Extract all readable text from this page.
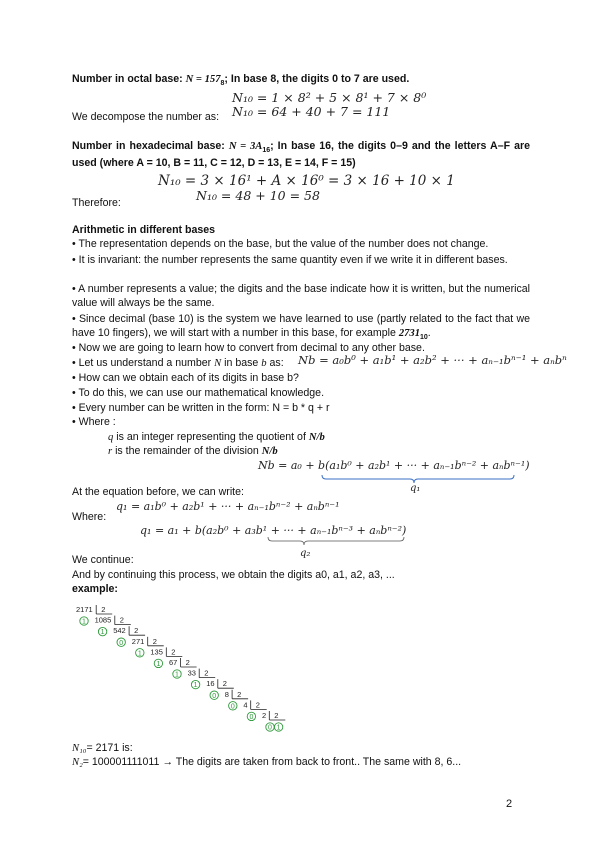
Number in octal base: $N = 157_8$; In base 8, the digits 0 to 7 are used.
N₁₀ = 1 × 8² + 5 × 8¹ + 7 × 8⁰
We decompose the number as: N₁₀ = 64 + 40 + 7 = 111
Number in hexadecimal base: $N = 3A_{16}$; In base 16, the digits 0–9 and the letters A–F are used (where A = 10, B = 11, C = 12, D = 13, E = 14, F = 15)
N₁₀ = 3 × 16¹ + A × 16⁰ = 3 × 16 + 10 × 1
Therefore:	N₁₀ = 48 + 10 = 58
Arithmetic in different bases
• The representation depends on the base, but the value of the number does not change.
• It is invariant: the number represents the same quantity even if we write it in different bases.
• A number represents a value; the digits and the base indicate how it is written, but the numerical value will always be the same.
• Since decimal (base 10) is the system we have learned to use (partly related to the fact that we have 10 fingers), we will start with a number in this base, for example $2731_{10}$.
• Now we are going to learn how to convert from decimal to any other base.
• Let us understand a number N in base b as: Nb = a₀b⁰ + a₁b¹ + a₂b² + ··· + aₙ₋₁bⁿ⁻¹ + aₙbⁿ
• How can we obtain each of its digits in base b?
• To do this, we can use our mathematical knowledge.
• Every number can be written in the form: N = b * q + r
• Where :
q is an integer representing the quotient of N/b
r is the remainder of the division N/b
Nb = a₀ + b(a₁b⁰ + a₂b¹ + ··· + aₙ₋₁bⁿ⁻² + aₙbⁿ⁻¹)
q₁
At the equation before, we can write:
q₁ = a₁b⁰ + a₂b¹ + ··· + aₙ₋₁bⁿ⁻² + aₙbⁿ⁻¹
Where:
q₁ = a₁ + b(a₂b⁰ + a₃b¹ + ··· + aₙ₋₁bⁿ⁻³ + aₙbⁿ⁻²)
q₂
We continue:
And by continuing this process, we obtain the digits a0, a1, a2, a3, ...
example:
2171 2
1 1085 2
1 542 2
0 271 2
1 135 2
1 67 2
1 33 2
1 16 2
0 8 2
0 4 2
0 2 2
0 1
N₁₀= 2171 is:
N₂= 100001111011 → The digits are taken from back to front.. The same with 8, 6...
2
